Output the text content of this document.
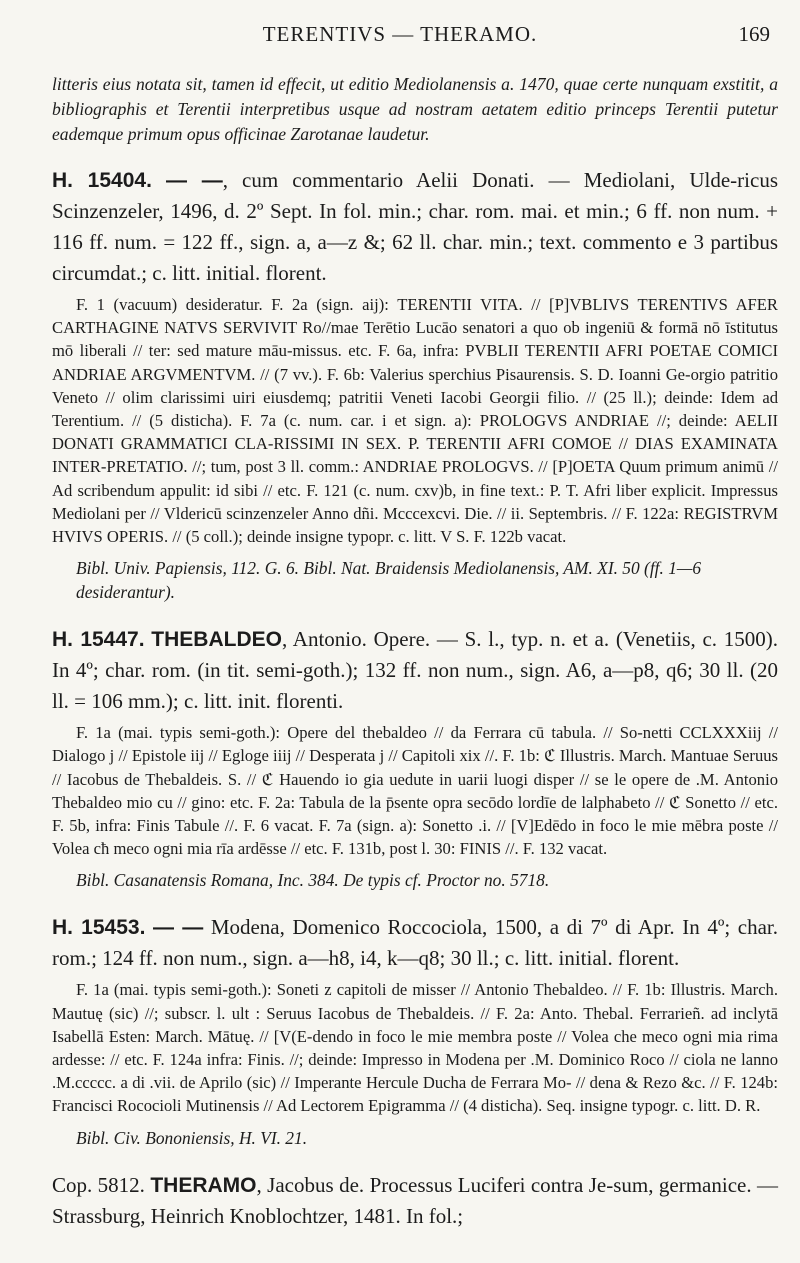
TERENTIVS — THERAMO.	169

litteris eius notata sit, tamen id effecit, ut editio Mediolanensis a. 1470, quae certe nunquam exstitit, a bibliographis et Terentii interpretibus usque ad nostram aetatem editio princeps Terentii putetur eademque primum opus officinae Zarotanae laudetur.

H. 15404. — —, cum commentario Aelii Donati. — Mediolani, Ulde-ricus Scinzenzeler, 1496, d. 2º Sept. In fol. min.; char. rom. mai. et min.; 6 ff. non num. + 116 ff. num. = 122 ff., sign. a, a—z &; 62 ll. char. min.; text. commento e 3 partibus circumdat.; c. litt. initial. florent.

F. 1 (vacuum) desideratur. F. 2a (sign. aij): TERENTII VITA. // [P]VBLIVS TERENTIVS AFER CARTHAGINE NATVS SERVIVIT Ro//mae Terētio Lucāo senatori a quo ob ingeniū & formā nō īstitutus mō liberali // ter: sed mature māu-missus. etc. F. 6a, infra: PVBLII TERENTII AFRI POETAE COMICI ANDRIAE ARGVMENTVM. // (7 vv.). F. 6b: Valerius sperchius Pisaurensis. S. D. Ioanni Ge-orgio patritio Veneto // olim clarissimi uiri eiusdemq; patritii Veneti Iacobi Georgii filio. // (25 ll.); deinde: Idem ad Terentium. // (5 disticha). F. 7a (c. num. car. i et sign. a): PROLOGVS ANDRIAE //; deinde: AELII DONATI GRAMMATICI CLA-RISSIMI IN SEX. P. TERENTII AFRI COMOE // DIAS EXAMINATA INTER-PRETATIO. //; tum, post 3 ll. comm.: ANDRIAE PROLOGVS. // [P]OETA Quum primum animū // Ad scribendum appulit: id sibi // etc. F. 121 (c. num. cxv)b, in fine text.: P. T. Afri liber explicit. Impressus Mediolani per // Vldericū scinzenzeler Anno dñi. Mcccexcvi. Die. // ii. Septembris. // F. 122a: REGISTRVM HVIVS OPERIS. // (5 coll.); deinde insigne typopr. c. litt. V S. F. 122b vacat.

Bibl. Univ. Papiensis, 112. G. 6. Bibl. Nat. Braidensis Mediolanensis, AM. XI. 50 (ff. 1—6 desiderantur).

H. 15447. THEBALDEO, Antonio. Opere. — S. l., typ. n. et a. (Venetiis, c. 1500). In 4º; char. rom. (in tit. semi-goth.); 132 ff. non num., sign. A6, a—p8, q6; 30 ll. (20 ll. = 106 mm.); c. litt. init. florenti.

F. 1a (mai. typis semi-goth.): Opere del thebaldeo // da Ferrara cū tabula. // So-netti CCLXXXiij // Dialogo j // Epistole iij // Egloge iiij // Desperata j // Capitoli xix //. F. 1b: ℭ Illustris. March. Mantuae Seruus // Iacobus de Thebaldeis. S. // ℭ Hauendo io gia uedute in uarii luogi disper // se le opere de .M. Antonio Thebaldeo mio cu // gino: etc. F. 2a: Tabula de la p̄sente opra secōdo lordīe de lalphabeto // ℭ Sonetto // etc. F. 5b, infra: Finis Tabule //. F. 6 vacat. F. 7a (sign. a): Sonetto .i. // [V]Edēdo in foco le mie mēbra poste // Volea cħ meco ogni mia rīa ardēsse // etc. F. 131b, post l. 30: FINIS //. F. 132 vacat.

Bibl. Casanatensis Romana, Inc. 384. De typis cf. Proctor no. 5718.

H. 15453. — — Modena, Domenico Roccociola, 1500, a di 7º di Apr. In 4º; char. rom.; 124 ff. non num., sign. a—h8, i4, k—q8; 30 ll.; c. litt. initial. florent.

F. 1a (mai. typis semi-goth.): Soneti z capitoli de misser // Antonio Thebaldeo. // F. 1b: Illustris. March. Mautuę (sic) //; subscr. l. ult : Seruus Iacobus de Thebaldeis. // F. 2a: Anto. Thebal. Ferrarieñ. ad inclytā Isabellā Esten: March. Mātuę. // [V(E-dendo in foco le mie membra poste // Volea che meco ogni mia rima ardesse: // etc. F. 124a infra: Finis. //; deinde: Impresso in Modena per .M. Dominico Roco // ciola ne lanno .M.ccccc. a di .vii. de Aprilo (sic) // Imperante Hercule Ducha de Ferrara Mo- // dena & Rezo &c. // F. 124b: Francisci Rococioli Mutinensis // Ad Lectorem Epigramma // (4 disticha). Seq. insigne typogr. c. litt. D. R.

Bibl. Civ. Bononiensis, H. VI. 21.

Cop. 5812. THERAMO, Jacobus de. Processus Luciferi contra Je-sum, germanice. — Strassburg, Heinrich Knoblochtzer, 1481. In fol.;
